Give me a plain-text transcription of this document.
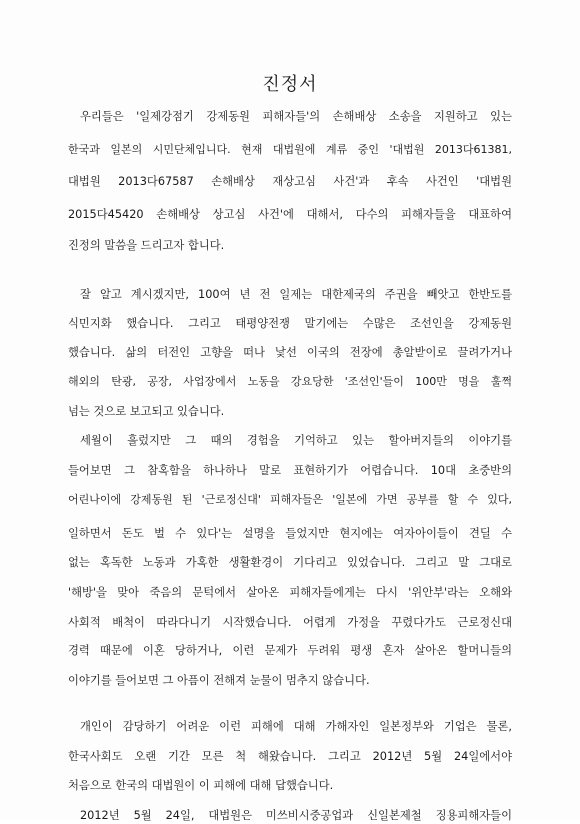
진정서
우리들은 '일제강점기 강제동원 피해자들'의 손해배상 소송을 지원하고 있는
한국과 일본의 시민단체입니다. 현재 대법원에 계류 중인 '대법원 2013다61381,
대법원 2013다67587 손해배상 재상고심 사건'과 후속 사건인 '대법원
2015다45420 손해배상 상고심 사건'에 대해서, 다수의 피해자들을 대표하여
진정의 말씀을 드리고자 합니다.
잘 알고 계시겠지만, 100여 년 전 일제는 대한제국의 주권을 빼앗고 한반도를
식민지화 했습니다. 그리고 태평양전쟁 말기에는 수많은 조선인을 강제동원
했습니다. 삶의 터전인 고향을 떠나 낯선 이국의 전장에 총알받이로 끌려가거나
해외의 탄광, 공장, 사업장에서 노동을 강요당한 '조선인'들이 100만 명을 훌쩍
넘는 것으로 보고되고 있습니다.
세월이 흘렀지만 그 때의 경험을 기억하고 있는 할아버지들의 이야기를
들어보면 그 참혹함을 하나하나 말로 표현하기가 어렵습니다. 10대 초중반의
어린나이에 강제동원 된 '근로정신대' 피해자들은 '일본에 가면 공부를 할 수 있다,
일하면서 돈도 벌 수 있다'는 설명을 들었지만 현지에는 여자아이들이 견딜 수
없는 혹독한 노동과 가혹한 생활환경이 기다리고 있었습니다. 그리고 말 그대로
'해방'을 맞아 죽음의 문턱에서 살아온 피해자들에게는 다시 '위안부'라는 오해와
사회적 배척이 따라다니기 시작했습니다. 어렵게 가정을 꾸렸다가도 근로정신대
경력 때문에 이혼 당하거나, 이런 문제가 두려워 평생 혼자 살아온 할머니들의
이야기를 들어보면 그 아픔이 전해져 눈물이 멈추지 않습니다.
개인이 감당하기 어려운 이런 피해에 대해 가해자인 일본정부와 기업은 물론,
한국사회도 오랜 기간 모른 척 해왔습니다. 그리고 2012년 5월 24일에서야
처음으로 한국의 대법원이 이 피해에 대해 답했습니다.
2012년 5월 24일, 대법원은 미쓰비시중공업과 신일본제철 징용피해자들이
